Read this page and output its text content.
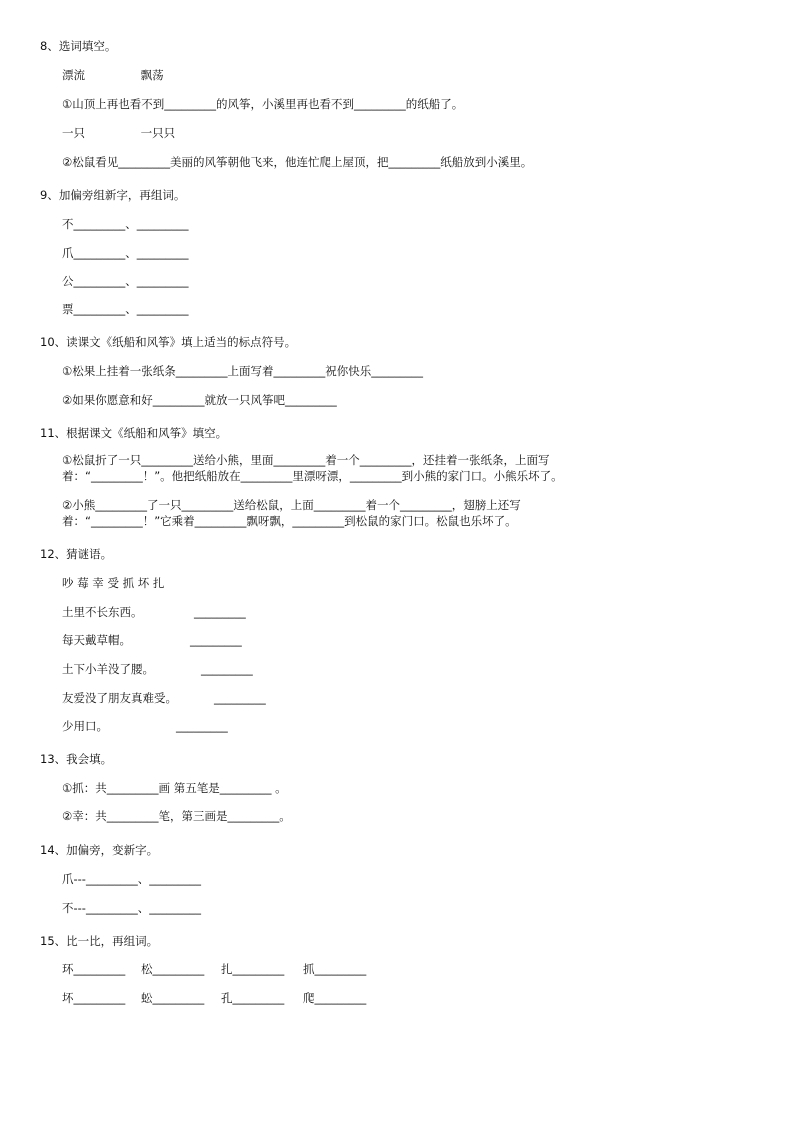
8、选词填空。
漂流	飘荡
①山顶上再也看不到_________的风筝，小溪里再也看不到_________的纸船了。
一只	一只只
②松鼠看见_________美丽的风筝朝他飞来，他连忙爬上屋顶，把_________纸船放到小溪里。
9、加偏旁组新字，再组词。
不_________、_________
爪_________、_________
公_________、_________
票_________、_________
10、读课文《纸船和风筝》填上适当的标点符号。
①松果上挂着一张纸条_________上面写着_________祝你快乐_________
②如果你愿意和好_________就放一只风筝吧_________
11、根据课文《纸船和风筝》填空。
①松鼠折了一只_________送给小熊，里面_________着一个_________，还挂着一张纸条，上面写着：“_________！”。他把纸船放在_________里漂呀漂，_________到小熊的家门口。小熊乐坏了。
②小熊_________了一只_________送给松鼠，上面_________着一个_________，翅膀上还写着：“_________！”它乘着_________飘呀飘，_________到松鼠的家门口。松鼠也乐坏了。
12、猜谜语。
吵 莓 幸 受 抓 坏 扎
土里不长东西。	_________
每天戴草帽。	_________
土下小羊没了腰。	_________
友爱没了朋友真难受。	_________
少用口。	_________
13、我会填。
①抓：共_________画 第五笔是_________ 。
②幸：共_________笔，第三画是_________。
14、加偏旁，变新字。
爪---_________、_________
不---_________、_________
15、比一比，再组词。
环_________ 松_________ 扎_________ 抓_________
坏_________ 蚣_________ 孔_________ 爬_________
